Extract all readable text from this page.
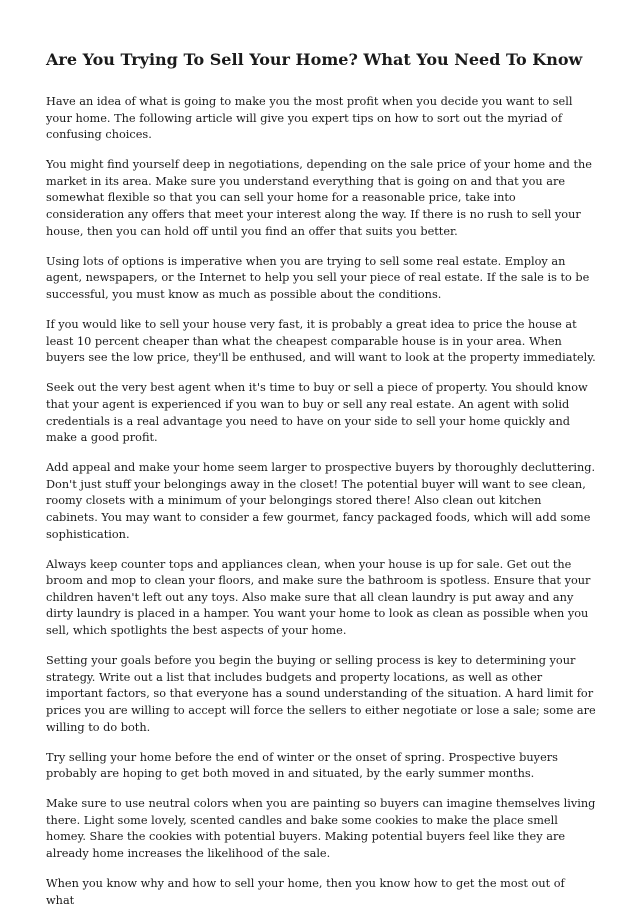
Are You Trying To Sell Your Home? What You Need To Know

Have an idea of what is going to make you the most profit when you decide you want to sell your home. The following article will give you expert tips on how to sort out the myriad of confusing choices.

You might find yourself deep in negotiations, depending on the sale price of your home and the market in its area. Make sure you understand everything that is going on and that you are somewhat flexible so that you can sell your home for a reasonable price, take into consideration any offers that meet your interest along the way. If there is no rush to sell your house, then you can hold off until you find an offer that suits you better.

Using lots of options is imperative when you are trying to sell some real estate. Employ an agent, newspapers, or the Internet to help you sell your piece of real estate. If the sale is to be successful, you must know as much as possible about the conditions.

If you would like to sell your house very fast, it is probably a great idea to price the house at least 10 percent cheaper than what the cheapest comparable house is in your area. When buyers see the low price, they'll be enthused, and will want to look at the property immediately.

Seek out the very best agent when it's time to buy or sell a piece of property. You should know that your agent is experienced if you wan to buy or sell any real estate. An agent with solid credentials is a real advantage you need to have on your side to sell your home quickly and make a good profit.

Add appeal and make your home seem larger to prospective buyers by thoroughly decluttering. Don't just stuff your belongings away in the closet! The potential buyer will want to see clean, roomy closets with a minimum of your belongings stored there! Also clean out kitchen cabinets. You may want to consider a few gourmet, fancy packaged foods, which will add some sophistication.

Always keep counter tops and appliances clean, when your house is up for sale. Get out the broom and mop to clean your floors, and make sure the bathroom is spotless. Ensure that your children haven't left out any toys. Also make sure that all clean laundry is put away and any dirty laundry is placed in a hamper. You want your home to look as clean as possible when you sell, which spotlights the best aspects of your home.

Setting your goals before you begin the buying or selling process is key to determining your strategy. Write out a list that includes budgets and property locations, as well as other important factors, so that everyone has a sound understanding of the situation. A hard limit for prices you are willing to accept will force the sellers to either negotiate or lose a sale; some are willing to do both.

Try selling your home before the end of winter or the onset of spring. Prospective buyers probably are hoping to get both moved in and situated, by the early summer months.

Make sure to use neutral colors when you are painting so buyers can imagine themselves living there. Light some lovely, scented candles and bake some cookies to make the place smell homey. Share the cookies with potential buyers. Making potential buyers feel like they are already home increases the likelihood of the sale.

When you know why and how to sell your home, then you know how to get the most out of what
